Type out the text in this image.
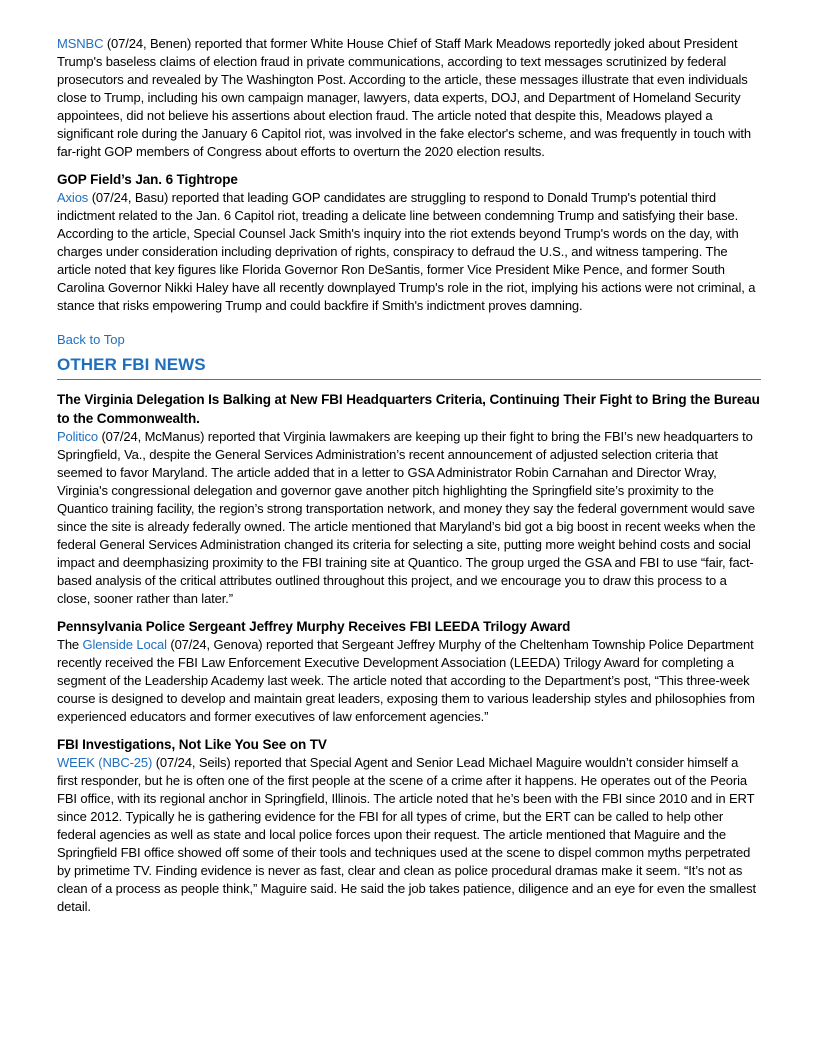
MSNBC (07/24, Benen) reported that former White House Chief of Staff Mark Meadows reportedly joked about President Trump's baseless claims of election fraud in private communications, according to text messages scrutinized by federal prosecutors and revealed by The Washington Post. According to the article, these messages illustrate that even individuals close to Trump, including his own campaign manager, lawyers, data experts, DOJ, and Department of Homeland Security appointees, did not believe his assertions about election fraud. The article noted that despite this, Meadows played a significant role during the January 6 Capitol riot, was involved in the fake elector's scheme, and was frequently in touch with far-right GOP members of Congress about efforts to overturn the 2020 election results.

GOP Field’s Jan. 6 Tightrope

Axios (07/24, Basu) reported that leading GOP candidates are struggling to respond to Donald Trump's potential third indictment related to the Jan. 6 Capitol riot, treading a delicate line between condemning Trump and satisfying their base. According to the article, Special Counsel Jack Smith's inquiry into the riot extends beyond Trump's words on the day, with charges under consideration including deprivation of rights, conspiracy to defraud the U.S., and witness tampering. The article noted that key figures like Florida Governor Ron DeSantis, former Vice President Mike Pence, and former South Carolina Governor Nikki Haley have all recently downplayed Trump's role in the riot, implying his actions were not criminal, a stance that risks empowering Trump and could backfire if Smith's indictment proves damning.

Back to Top
OTHER FBI NEWS
The Virginia Delegation Is Balking at New FBI Headquarters Criteria, Continuing Their Fight to Bring the Bureau to the Commonwealth.

Politico (07/24, McManus) reported that Virginia lawmakers are keeping up their fight to bring the FBI’s new headquarters to Springfield, Va., despite the General Services Administration’s recent announcement of adjusted selection criteria that seemed to favor Maryland. The article added that in a letter to GSA Administrator Robin Carnahan and Director Wray, Virginia's congressional delegation and governor gave another pitch highlighting the Springfield site’s proximity to the Quantico training facility, the region’s strong transportation network, and money they say the federal government would save since the site is already federally owned. The article mentioned that Maryland’s bid got a big boost in recent weeks when the federal General Services Administration changed its criteria for selecting a site, putting more weight behind costs and social impact and deemphasizing proximity to the FBI training site at Quantico. The group urged the GSA and FBI to use “fair, fact-based analysis of the critical attributes outlined throughout this project, and we encourage you to draw this process to a close, sooner rather than later.”

Pennsylvania Police Sergeant Jeffrey Murphy Receives FBI LEEDA Trilogy Award

The Glenside Local (07/24, Genova) reported that Sergeant Jeffrey Murphy of the Cheltenham Township Police Department recently received the FBI Law Enforcement Executive Development Association (LEEDA) Trilogy Award for completing a segment of the Leadership Academy last week. The article noted that according to the Department’s post, “This three-week course is designed to develop and maintain great leaders, exposing them to various leadership styles and philosophies from experienced educators and former executives of law enforcement agencies.”

FBI Investigations, Not Like You See on TV

WEEK (NBC-25) (07/24, Seils) reported that Special Agent and Senior Lead Michael Maguire wouldn’t consider himself a first responder, but he is often one of the first people at the scene of a crime after it happens. He operates out of the Peoria FBI office, with its regional anchor in Springfield, Illinois. The article noted that he’s been with the FBI since 2010 and in ERT since 2012. Typically he is gathering evidence for the FBI for all types of crime, but the ERT can be called to help other federal agencies as well as state and local police forces upon their request. The article mentioned that Maguire and the Springfield FBI office showed off some of their tools and techniques used at the scene to dispel common myths perpetrated by primetime TV. Finding evidence is never as fast, clear and clean as police procedural dramas make it seem. “It’s not as clean of a process as people think,” Maguire said. He said the job takes patience, diligence and an eye for even the smallest detail.
